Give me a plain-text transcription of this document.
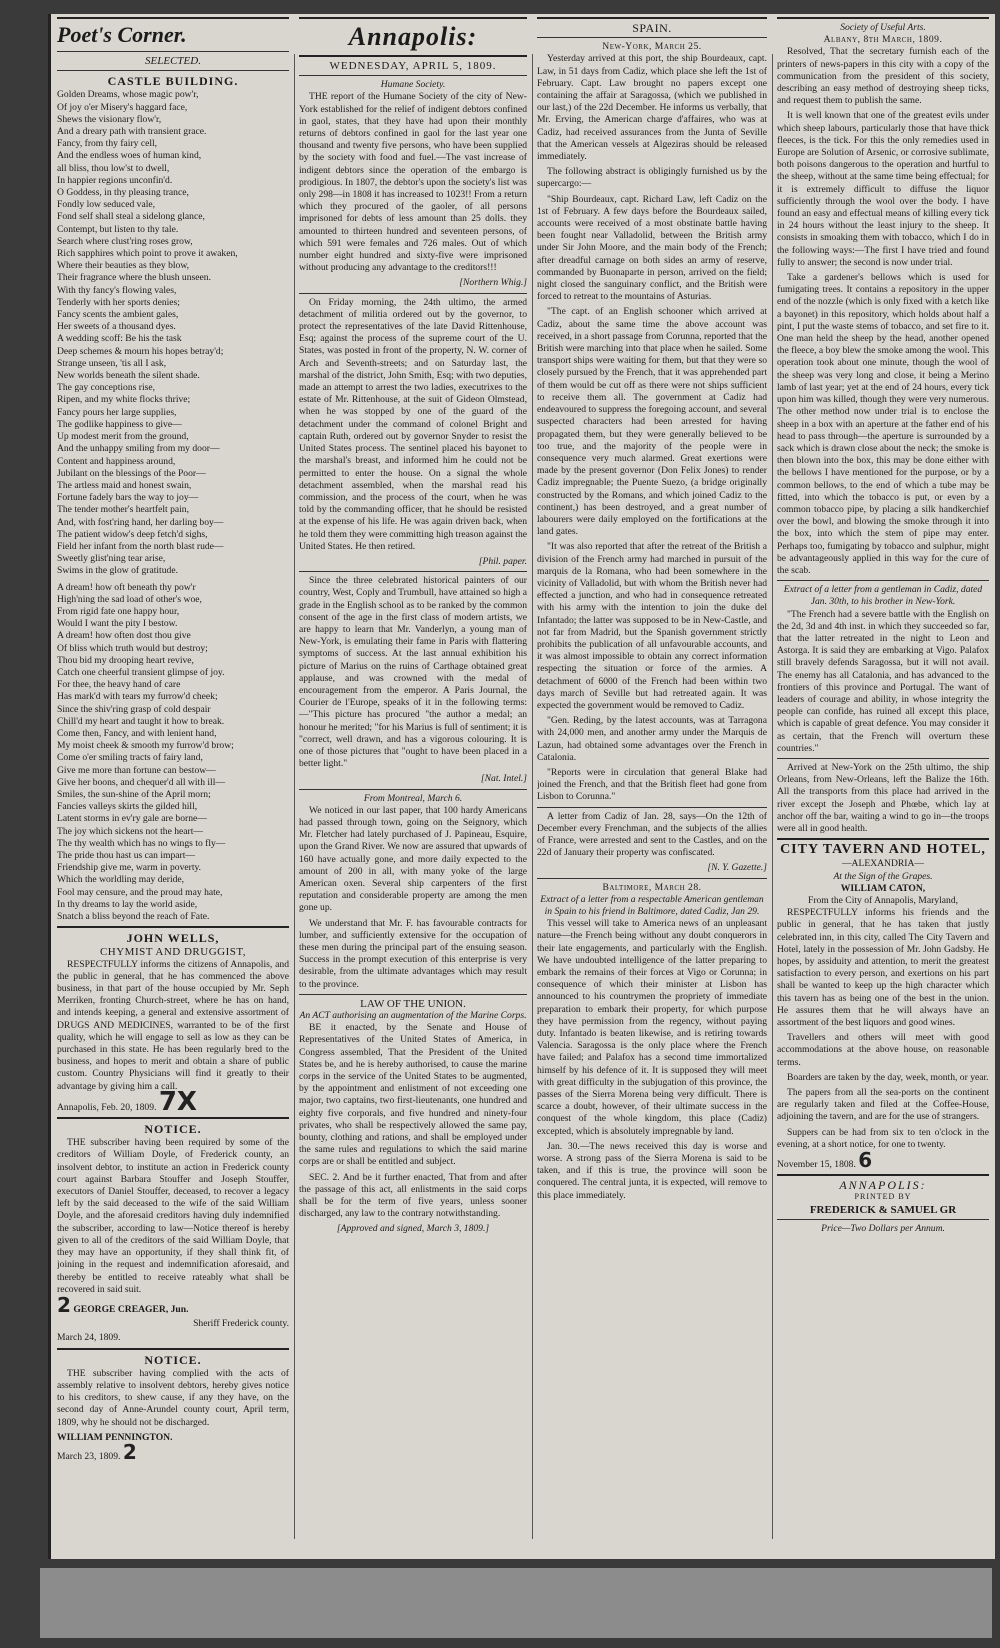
Poet's Corner.
SELECTED.
CASTLE BUILDING.

Golden Dreams, whose magic pow'r,

Of joy o'er Misery's haggard face,

Shews the visionary flow'r,

And a dreary path with transient grace.

Fancy, from thy fairy cell,

And the endless woes of human kind,

all bliss, thou low'st to dwell,

In happier regions unconfin'd.

O Goddess, in thy pleasing trance,

Fondly low seduced vale,

Fond self shall steal a sidelong glance,

Contempt, but listen to thy tale.

Search where clust'ring roses grow,

Rich sapphires which point to prove it awaken,

Where their beauties as they blow,

Their fragrance where the blush unseen.

With thy fancy's flowing vales,

Tenderly with her sports denies;

Fancy scents the ambient gales,

Her sweets of a thousand dyes.

A wedding scoff: Be his the task

Deep schemes & mourn his hopes betray'd;

Strange unseen, 'tis all I ask,

New worlds beneath the silent shade.

The gay conceptions rise,

Ripen, and my white flocks thrive;

Fancy pours her large supplies,

The godlike happiness to give—

Up modest merit from the ground,

And the unhappy smiling from my door—

Content and happiness around,

Jubilant on the blessings of the Poor—

The artless maid and honest swain,

Fortune fadely bars the way to joy—

The tender mother's heartfelt pain,

And, with fost'ring hand, her darling boy—

The patient widow's deep fetch'd sighs,

Field her infant from the north blast rude—

Sweetly glist'ning tear arise,

Swims in the glow of gratitude.

A dream! how oft beneath thy pow'r

High'ning the sad load of other's woe,

From rigid fate one happy hour,

Would I want the pity I bestow.

A dream! how often dost thou give

Of bliss which truth would but destroy;

Thou bid my drooping heart revive,

Catch one cheerful transient glimpse of joy.

For thee, the heavy hand of care

Has mark'd with tears my furrow'd cheek;

Since the shiv'ring grasp of cold despair

Chill'd my heart and taught it how to break.

Come then, Fancy, and with lenient hand,

My moist cheek & smooth my furrow'd brow;

Come o'er smiling tracts of fairy land,

Give me more than fortune can bestow—

Give her boons, and chequer'd all with ill—

Smiles, the sun-shine of the April morn;

Fancies valleys skirts the gilded hill,

Latent storms in ev'ry gale are borne—

The joy which sickens not the heart—

The thy wealth which has no wings to fly—

The pride thou hast us can impart—

Friendship give me, warm in poverty.

Which the worldling may deride,

Fool may censure, and the proud may hate,

In thy dreams to lay the world aside,

Snatch a bliss beyond the reach of Fate.

JOHN WELLS,
CHYMIST AND DRUGGIST,

RESPECTFULLY informs the citizens of Annapolis, and the public in general, that he has commenced the above business, in that part of the house occupied by Mr. Seph Merriken, fronting Church-street, where he has on hand, and intends keeping, a general and extensive assortment of DRUGS AND MEDICINES, warranted to be of the first quality, which he will engage to sell as low as they can be purchased in this state. He has been regularly bred to the business, and hopes to merit and obtain a share of public custom. Country Physicians will find it greatly to their advantage by giving him a call.

Annapolis, Feb. 20, 1809. 7X
NOTICE.

THE subscriber having been required by some of the creditors of William Doyle, of Frederick county, an insolvent debtor, to institute an action in Frederick county court against Barbara Stouffer and Joseph Stouffer, executors of Daniel Stouffer, deceased, to recover a legacy left by the said deceased to the wife of the said William Doyle, and the aforesaid creditors having duly indemnified the subscriber, according to law—Notice thereof is hereby given to all of the creditors of the said William Doyle, that they may have an opportunity, if they shall think fit, of joining in the request and indemnification aforesaid, and thereby be entitled to receive rateably what shall be recovered in said suit.

2 GEORGE CREAGER, Jun.
Sheriff Frederick county.
March 24, 1809.
NOTICE.

THE subscriber having complied with the acts of assembly relative to insolvent debtors, hereby gives notice to his creditors, to shew cause, if any they have, on the second day of Anne-Arundel county court, April term, 1809, why he should not be discharged.

WILLIAM PENNINGTON.
March 23, 1809. 2
Annapolis:
WEDNESDAY, APRIL 5, 1809.
Humane Society.

THE report of the Humane Society of the city of New-York established for the relief of indigent debtors confined in gaol, states, that they have had upon their monthly returns of debtors confined in gaol for the last year one thousand and twenty five persons, who have been supplied by the society with food and fuel.—The vast increase of indigent debtors since the operation of the embargo is prodigious. In 1807, the debtor's upon the society's list was only 298—in 1808 it has increased to 1023!! From a return which they procured of the gaoler, of all persons imprisoned for debts of less amount than 25 dolls. they amounted to thirteen hundred and seventeen persons, of which 591 were females and 726 males. Out of which number eight hundred and sixty-five were imprisoned without producing any advantage to the creditors!!!

[Northern Whig.]

On Friday morning, the 24th ultimo, the armed detachment of militia ordered out by the governor, to protect the representatives of the late David Rittenhouse, Esq; against the process of the supreme court of the U. States, was posted in front of the property, N. W. corner of Arch and Seventh-streets; and on Saturday last, the marshal of the district, John Smith, Esq; with two deputies, made an attempt to arrest the two ladies, executrixes to the estate of Mr. Rittenhouse, at the suit of Gideon Olmstead, when he was stopped by one of the guard of the detachment under the command of colonel Bright and captain Ruth, ordered out by governor Snyder to resist the United States process. The sentinel placed his bayonet to the marshal's breast, and informed him he could not be permitted to enter the house. On a signal the whole detachment assembled, when the marshal read his commission, and the process of the court, when he was told by the commanding officer, that he should be resisted at the expense of his life. He was again driven back, when he told them they were committing high treason against the United States. He then retired.

[Phil. paper.

Since the three celebrated historical painters of our country, West, Coply and Trumbull, have attained so high a grade in the English school as to be ranked by the common consent of the age in the first class of modern artists, we are happy to learn that Mr. Vanderlyn, a young man of New-York, is emulating their fame in Paris with flattering symptoms of success. At the last annual exhibition his picture of Marius on the ruins of Carthage obtained great applause, and was crowned with the medal of encouragement from the emperor. A Paris Journal, the Courier de l'Europe, speaks of it in the following terms:—"This picture has procured "the author a medal; an honour he merited; "for his Marius is full of sentiment; it is "correct, well drawn, and has a vigorous colouring. It is one of those pictures that "ought to have been placed in a better light."

[Nat. Intel.]
From Montreal, March 6.

We noticed in our last paper, that 100 hardy Americans had passed through town, going on the Seignory, which Mr. Fletcher had lately purchased of J. Papineau, Esquire, upon the Grand River. We now are assured that upwards of 160 have actually gone, and more daily expected to the amount of 200 in all, with many yoke of the large American oxen. Several ship carpenters of the first reputation and considerable property are among the men gone up.

We understand that Mr. F. has favourable contracts for lumber, and sufficiently extensive for the occupation of these men during the principal part of the ensuing season. Success in the prompt execution of this enterprise is very desirable, from the ultimate advantages which may result to the province.

LAW OF THE UNION.
An ACT authorising an augmentation of the Marine Corps.

BE it enacted, by the Senate and House of Representatives of the United States of America, in Congress assembled, That the President of the United States be, and he is hereby authorised, to cause the marine corps in the service of the United States to be augmented, by the appointment and enlistment of not exceeding one major, two captains, two first-lieutenants, one hundred and eighty five corporals, and five hundred and ninety-four privates, who shall be respectively allowed the same pay, bounty, clothing and rations, and shall be employed under the same rules and regulations to which the said marine corps are or shall be entitled and subject.

SEC. 2. And be it further enacted, That from and after the passage of this act, all enlistments in the said corps shall be for the term of five years, unless sooner discharged, any law to the contrary notwithstanding.

[Approved and signed, March 3, 1809.]
SPAIN.
New-York, March 25.

Yesterday arrived at this port, the ship Bourdeaux, capt. Law, in 51 days from Cadiz, which place she left the 1st of February. Capt. Law brought no papers except one containing the affair at Saragossa, (which we published in our last,) of the 22d December. He informs us verbally, that Mr. Erving, the American charge d'affaires, who was at Cadiz, had received assurances from the Junta of Seville that the American vessels at Algeziras should be released immediately.

The following abstract is obligingly furnished us by the supercargo:—

"Ship Bourdeaux, capt. Richard Law, left Cadiz on the 1st of February. A few days before the Bourdeaux sailed, accounts were received of a most obstinate battle having been fought near Valladolid, between the British army under Sir John Moore, and the main body of the French; after dreadful carnage on both sides an army of reserve, commanded by Buonaparte in person, arrived on the field; night closed the sanguinary conflict, and the British were forced to retreat to the mountains of Asturias.

"The capt. of an English schooner which arrived at Cadiz, about the same time the above account was received, in a short passage from Corunna, reported that the British were marching into that place when he sailed. Some transport ships were waiting for them, but that they were so closely pursued by the French, that it was apprehended part of them would be cut off as there were not ships sufficient to receive them all. The government at Cadiz had endeavoured to suppress the foregoing account, and several suspected characters had been arrested for having propagated them, but they were generally believed to be too true, and the majority of the people were in consequence very much alarmed. Great exertions were made by the present governor (Don Felix Jones) to render Cadiz impregnable; the Puente Suezo, (a bridge originally constructed by the Romans, and which joined Cadiz to the continent,) has been destroyed, and a great number of labourers were daily employed on the fortifications at the land gates.

"It was also reported that after the retreat of the British a division of the French army had marched in pursuit of the marquis de la Romana, who had been somewhere in the vicinity of Valladolid, but with whom the British never had effected a junction, and who had in consequence retreated with his army with the intention to join the duke del Infantado; the latter was supposed to be in New-Castle, and not far from Madrid, but the Spanish government strictly prohibits the publication of all unfavourable accounts, and it was almost impossible to obtain any correct information respecting the situation or force of the armies. A detachment of 6000 of the French had been within two days march of Seville but had retreated again. It was expected the government would be removed to Cadiz.

"Gen. Reding, by the latest accounts, was at Tarragona with 24,000 men, and another army under the Marquis de Lazun, had obtained some advantages over the French in Catalonia.

"Reports were in circulation that general Blake had joined the French, and that the British fleet had gone from Lisbon to Corunna."

A letter from Cadiz of Jan. 28, says—On the 12th of December every Frenchman, and the subjects of the allies of France, were arrested and sent to the Castles, and on the 22d of January their property was confiscated.

[N. Y. Gazette.]
Baltimore, March 28.
Extract of a letter from a respectable American gentleman in Spain to his friend in Baltimore, dated Cadiz, Jan 29.

This vessel will take to America news of an unpleasant nature—the French being without any doubt conquerors in their late engagements, and particularly with the English. We have undoubted intelligence of the latter preparing to embark the remains of their forces at Vigo or Corunna; in consequence of which their minister at Lisbon has announced to his countrymen the propriety of immediate preparation to embark their property, for which purpose they have permission from the regency, without paying duty. Infantado is beaten likewise, and is retiring towards Valencia. Saragossa is the only place where the French have failed; and Palafox has a second time immortalized himself by his defence of it. It is supposed they will meet with great difficulty in the subjugation of this province, the passes of the Sierra Morena being very difficult. There is scarce a doubt, however, of their ultimate success in the conquest of the whole kingdom, this place (Cadiz) excepted, which is absolutely impregnable by land.

Jan. 30.—The news received this day is worse and worse. A strong pass of the Sierra Morena is said to be taken, and if this is true, the province will soon be conquered. The central junta, it is expected, will remove to this place immediately.

Society of Useful Arts.
Albany, 8th March, 1809.

Resolved, That the secretary furnish each of the printers of news-papers in this city with a copy of the communication from the president of this society, describing an easy method of destroying sheep ticks, and request them to publish the same.

It is well known that one of the greatest evils under which sheep labours, particularly those that have thick fleeces, is the tick. For this the only remedies used in Europe are Solution of Arsenic, or corrosive sublimate, both poisons dangerous to the operation and hurtful to the sheep, without at the same time being effectual; for it is extremely difficult to diffuse the liquor sufficiently through the wool over the body. I have found an easy and effectual means of killing every tick in 24 hours without the least injury to the sheep. It consists in smoaking them with tobacco, which I do in the following ways:—The first I have tried and found fully to answer; the second is now under trial.

Take a gardener's bellows which is used for fumigating trees. It contains a repository in the upper end of the nozzle (which is only fixed with a ketch like a bayonet) in this repository, which holds about half a pint, I put the waste stems of tobacco, and set fire to it. One man held the sheep by the head, another opened the fleece, a boy blew the smoke among the wool. This operation took about one minute, though the wool of the sheep was very long and close, it being a Merino lamb of last year; yet at the end of 24 hours, every tick upon him was killed, though they were very numerous. The other method now under trial is to enclose the sheep in a box with an aperture at the father end of his head to pass through—the aperture is surrounded by a sack which is drawn close about the neck; the smoke is then blown into the box, this may be done either with the bellows I have mentioned for the purpose, or by a common bellows, to the end of which a tube may be fitted, into which the tobacco is put, or even by a common tobacco pipe, by placing a silk handkerchief over the bowl, and blowing the smoke through it into the box, into which the stem of pipe may enter. Perhaps too, fumigating by tobacco and sulphur, might be advantageously applied in this way for the cure of the scab.

Extract of a letter from a gentleman in Cadiz, dated Jan. 30th, to his brother in New-York.

"The French had a severe battle with the English on the 2d, 3d and 4th inst. in which they succeeded so far, that the latter retreated in the night to Leon and Astorga. It is said they are embarking at Vigo. Palafox still bravely defends Saragossa, but it will not avail. The enemy has all Catalonia, and has advanced to the frontiers of this province and Portugal. The want of leaders of courage and ability, in whose integrity the people can confide, has ruined all except this place, which is capable of great defence. You may consider it as certain, that the French will overturn these countries."

Arrived at New-York on the 25th ultimo, the ship Orleans, from New-Orleans, left the Balize the 16th. All the transports from this place had arrived in the river except the Joseph and Phœbe, which lay at anchor off the bar, waiting a wind to go in—the troops were all in good health.

CITY TAVERN AND HOTEL,
—ALEXANDRIA—
At the Sign of the Grapes.
WILLIAM CATON,
From the City of Annapolis, Maryland,

RESPECTFULLY informs his friends and the public in general, that he has taken that justly celebrated inn, in this city, called The City Tavern and Hotel, lately in the possession of Mr. John Gadsby. He hopes, by assiduity and attention, to merit the greatest satisfaction to every person, and exertions on his part shall be wanted to keep up the high character which this tavern has as being one of the best in the union. He assures them that he will always have an assortment of the best liquors and good wines.

Travellers and others will meet with good accommodations at the above house, on reasonable terms.

Boarders are taken by the day, week, month, or year.

The papers from all the sea-ports on the continent are regularly taken and filed at the Coffee-House, adjoining the tavern, and are for the use of strangers.

Suppers can be had from six to ten o'clock in the evening, at a short notice, for one to twenty.

November 15, 1808. 6
ANNAPOLIS:
PRINTED BY
FREDERICK & SAMUEL GR
Price—Two Dollars per Annum.
